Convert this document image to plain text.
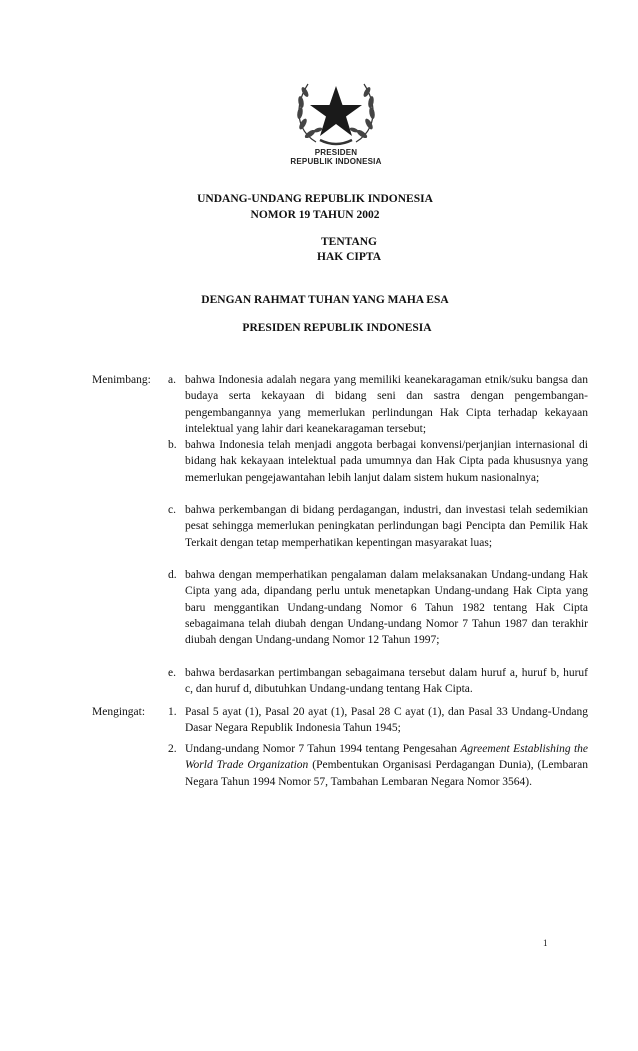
PRESIDEN
REPUBLIK INDONESIA
UNDANG-UNDANG REPUBLIK INDONESIA
NOMOR 19 TAHUN 2002
TENTANG
HAK CIPTA
DENGAN RAHMAT TUHAN YANG MAHA ESA
PRESIDEN REPUBLIK INDONESIA
Menimbang:	a. bahwa Indonesia adalah negara yang memiliki keanekaragaman etnik/suku bangsa dan budaya serta kekayaan di bidang seni dan sastra dengan pengembangan-pengembangannya yang memerlukan perlindungan Hak Cipta terhadap kekayaan intelektual yang lahir dari keanekaragaman tersebut;
b. bahwa Indonesia telah menjadi anggota berbagai konvensi/perjanjian internasional di bidang hak kekayaan intelektual pada umumnya dan Hak Cipta pada khususnya yang memerlukan pengejawantahan lebih lanjut dalam sistem hukum nasionalnya;
c. bahwa perkembangan di bidang perdagangan, industri, dan investasi telah sedemikian pesat sehingga memerlukan peningkatan perlindungan bagi Pencipta dan Pemilik Hak Terkait dengan tetap memperhatikan kepentingan masyarakat luas;
d. bahwa dengan memperhatikan pengalaman dalam melaksanakan Undang-undang Hak Cipta yang ada, dipandang perlu untuk menetapkan Undang-undang Hak Cipta yang baru menggantikan Undang-undang Nomor 6 Tahun 1982 tentang Hak Cipta sebagaimana telah diubah dengan Undang-undang Nomor 7 Tahun 1987 dan terakhir diubah dengan Undang-undang Nomor 12 Tahun 1997;
e. bahwa berdasarkan pertimbangan sebagaimana tersebut dalam huruf a, huruf b, huruf c, dan huruf d, dibutuhkan Undang-undang tentang Hak Cipta.
Mengingat:	1. Pasal 5 ayat (1), Pasal 20 ayat (1), Pasal 28 C ayat (1), dan Pasal 33 Undang-Undang Dasar Negara Republik Indonesia Tahun 1945;
2. Undang-undang Nomor 7 Tahun 1994 tentang Pengesahan Agreement Establishing the World Trade Organization (Pembentukan Organisasi Perdagangan Dunia), (Lembaran Negara Tahun 1994 Nomor 57, Tambahan Lembaran Negara Nomor 3564).
1
